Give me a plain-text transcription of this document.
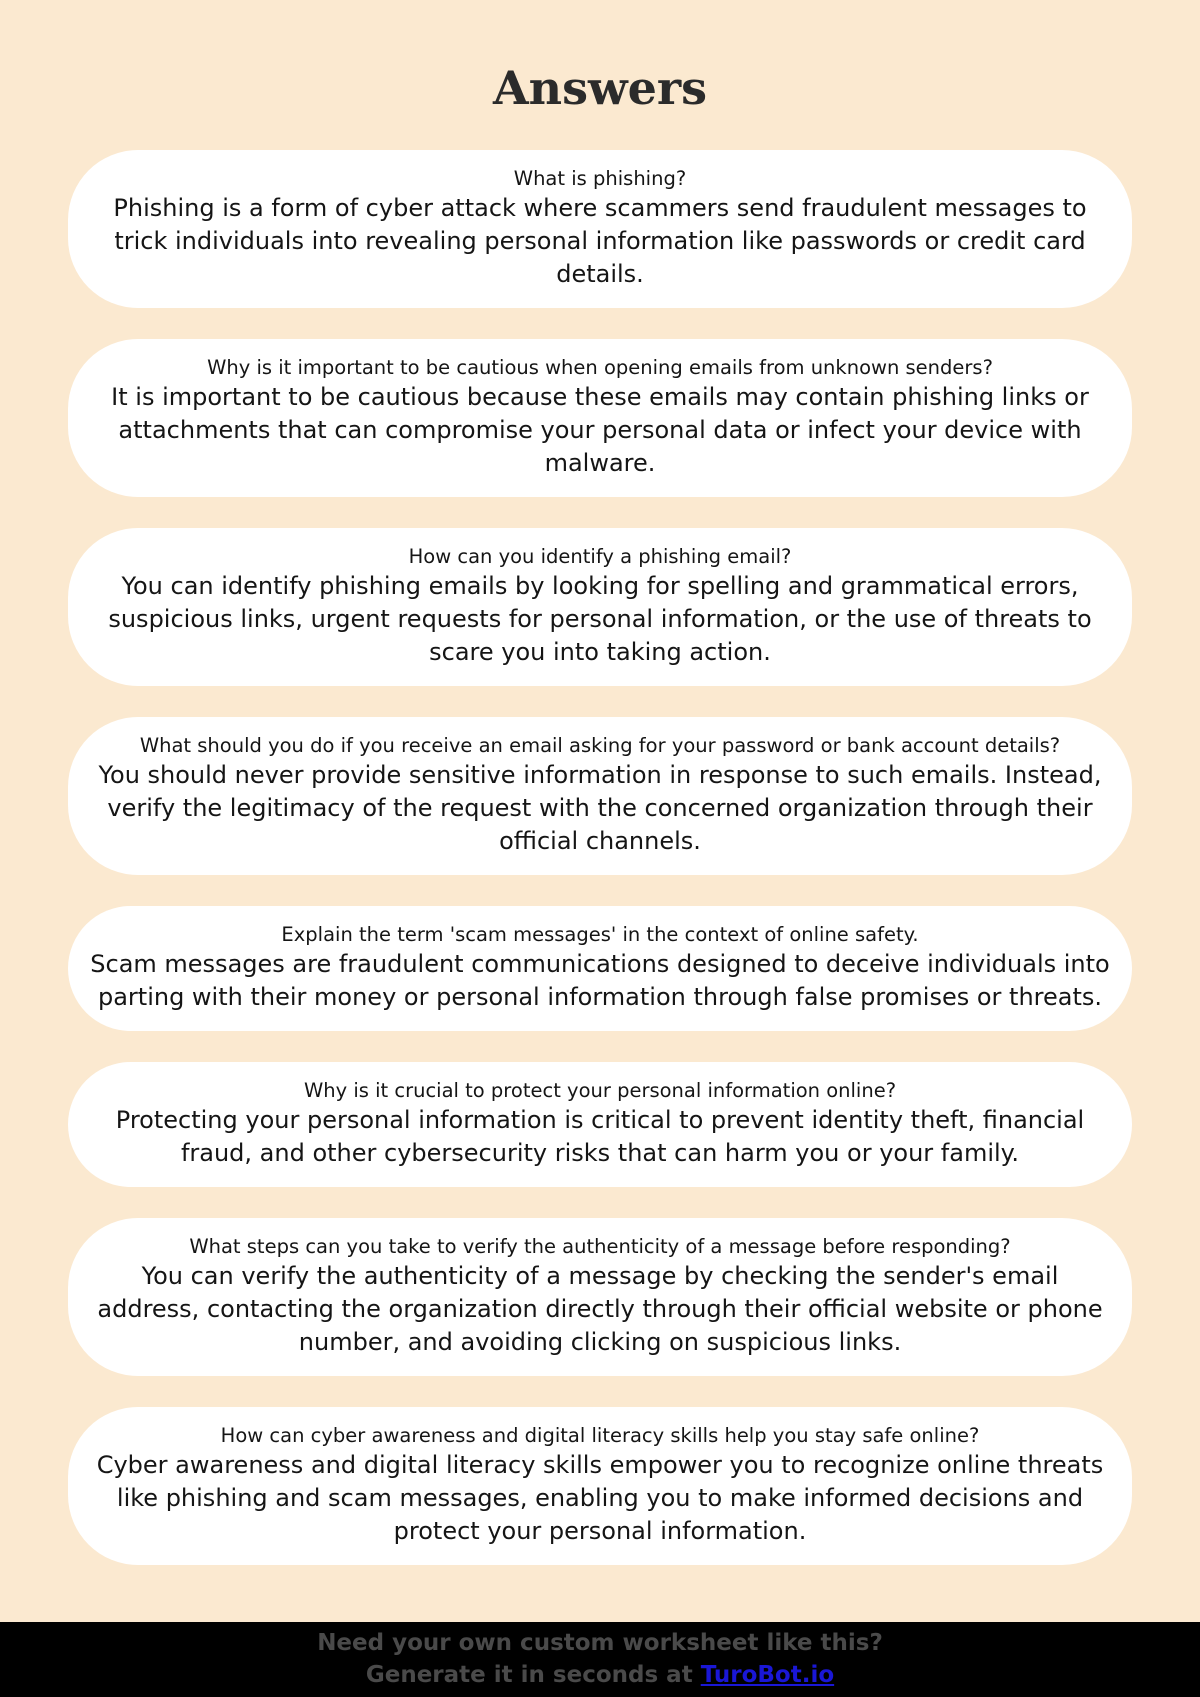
Answers
What is phishing?
Phishing is a form of cyber attack where scammers send fraudulent messages to trick individuals into revealing personal information like passwords or credit card details.
Why is it important to be cautious when opening emails from unknown senders?
It is important to be cautious because these emails may contain phishing links or attachments that can compromise your personal data or infect your device with malware.
How can you identify a phishing email?
You can identify phishing emails by looking for spelling and grammatical errors, suspicious links, urgent requests for personal information, or the use of threats to scare you into taking action.
What should you do if you receive an email asking for your password or bank account details?
You should never provide sensitive information in response to such emails. Instead, verify the legitimacy of the request with the concerned organization through their official channels.
Explain the term 'scam messages' in the context of online safety.
Scam messages are fraudulent communications designed to deceive individuals into parting with their money or personal information through false promises or threats.
Why is it crucial to protect your personal information online?
Protecting your personal information is critical to prevent identity theft, financial fraud, and other cybersecurity risks that can harm you or your family.
What steps can you take to verify the authenticity of a message before responding?
You can verify the authenticity of a message by checking the sender's email address, contacting the organization directly through their official website or phone number, and avoiding clicking on suspicious links.
How can cyber awareness and digital literacy skills help you stay safe online?
Cyber awareness and digital literacy skills empower you to recognize online threats like phishing and scam messages, enabling you to make informed decisions and protect your personal information.
Need your own custom worksheet like this?
Generate it in seconds at TuroBot.io
